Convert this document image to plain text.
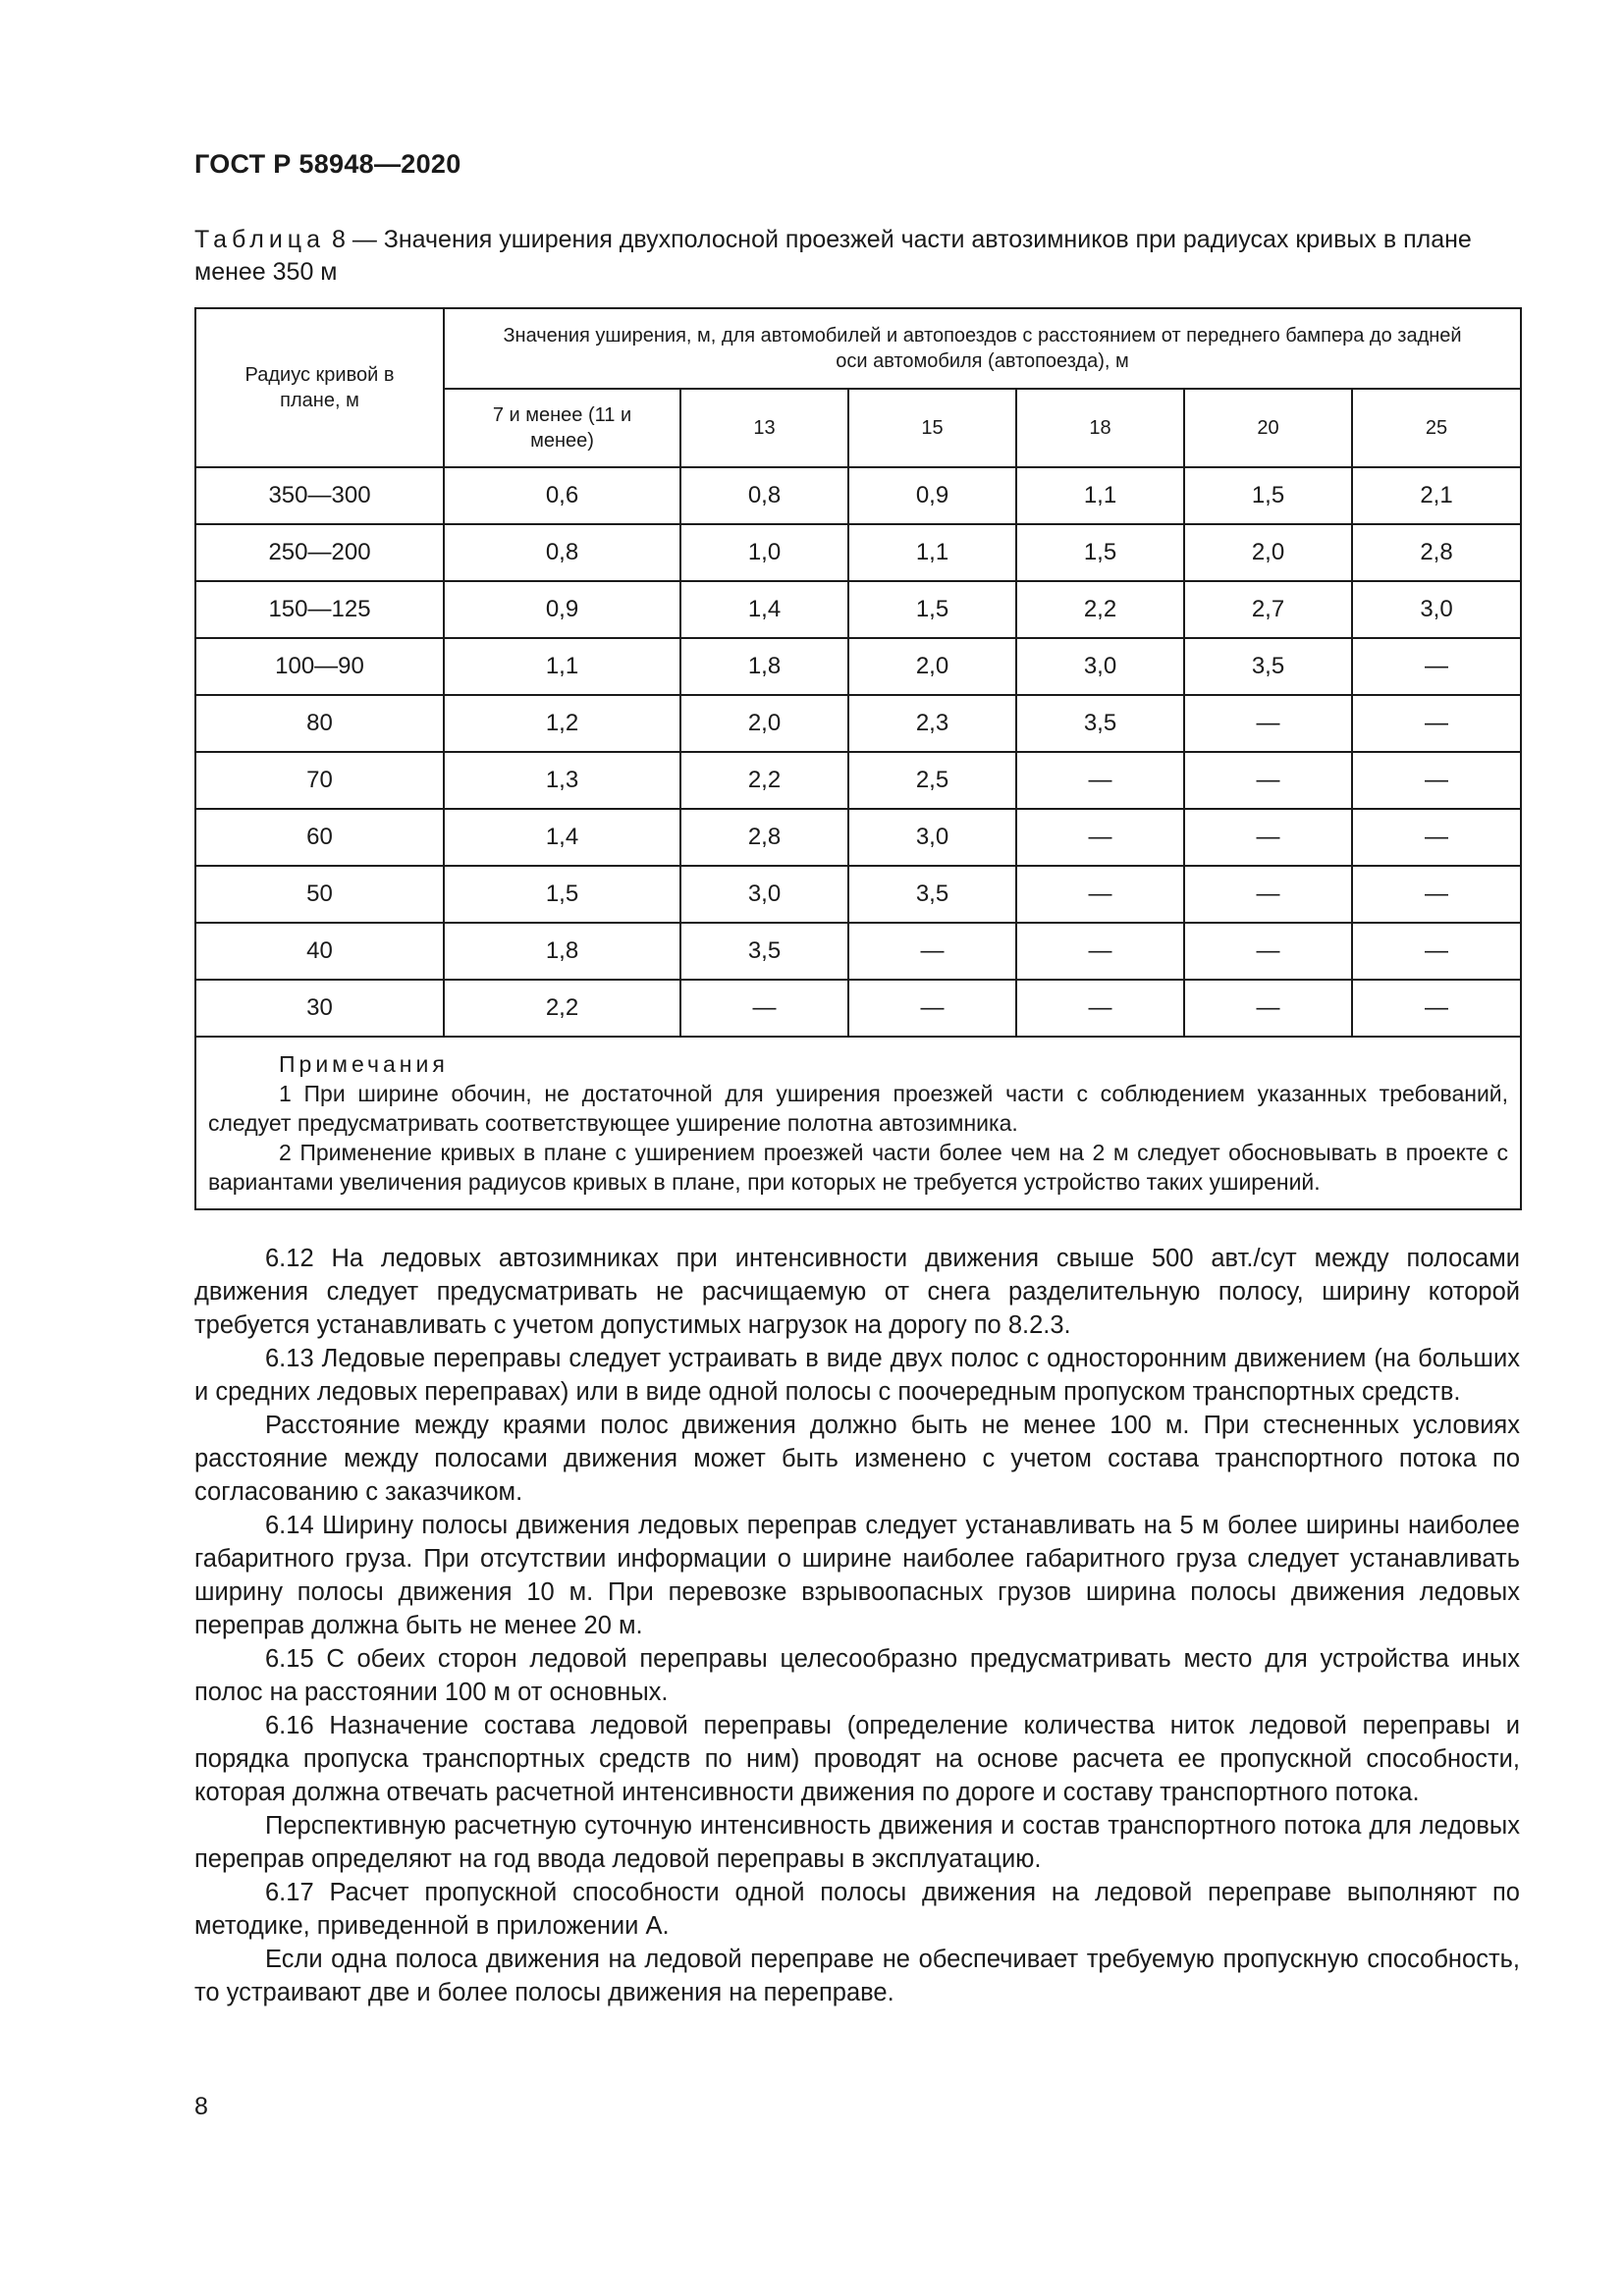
ГОСТ Р 58948—2020
Таблица 8 — Значения уширения двухполосной проезжей части автозимников при радиусах кривых в плане менее 350 м
Радиус кривой в плане, м	Значения уширения, м, для автомобилей и автопоездов с расстоянием от переднего бампера до задней оси автомобиля (автопоезда), м					

	7 и менее (11 и менее)	13	15	18	20	25
350—300	0,6	0,8	0,9	1,1	1,5	2,1
250—200	0,8	1,0	1,1	1,5	2,0	2,8
150—125	0,9	1,4	1,5	2,2	2,7	3,0
100—90	1,1	1,8	2,0	3,0	3,5	—
80	1,2	2,0	2,3	3,5	—	—
70	1,3	2,2	2,5	—	—	—
60	1,4	2,8	3,0	—	—	—
50	1,5	3,0	3,5	—	—	—
40	1,8	3,5	—	—	—	—
30	2,2	—	—	—	—	—

Примечания
1 При ширине обочин, не достаточной для уширения проезжей части с соблюдением указанных требований, следует предусматривать соответствующее уширение полотна автозимника.
2 Применение кривых в плане с уширением проезжей части более чем на 2 м следует обосновывать в проекте с вариантами увеличения радиусов кривых в плане, при которых не требуется устройство таких уширений.						

6.12 На ледовых автозимниках при интенсивности движения свыше 500 авт./сут между полосами движения следует предусматривать не расчищаемую от снега разделительную полосу, ширину которой требуется устанавливать с учетом допустимых нагрузок на дорогу по 8.2.3.

6.13 Ледовые переправы следует устраивать в виде двух полос с односторонним движением (на больших и средних ледовых переправах) или в виде одной полосы с поочередным пропуском транспортных средств.

Расстояние между краями полос движения должно быть не менее 100 м. При стесненных условиях расстояние между полосами движения может быть изменено с учетом состава транспортного потока по согласованию с заказчиком.

6.14 Ширину полосы движения ледовых переправ следует устанавливать на 5 м более ширины наиболее габаритного груза. При отсутствии информации о ширине наиболее габаритного груза следует устанавливать ширину полосы движения 10 м. При перевозке взрывоопасных грузов ширина полосы движения ледовых переправ должна быть не менее 20 м.

6.15 С обеих сторон ледовой переправы целесообразно предусматривать место для устройства иных полос на расстоянии 100 м от основных.

6.16 Назначение состава ледовой переправы (определение количества ниток ледовой переправы и порядка пропуска транспортных средств по ним) проводят на основе расчета ее пропускной способности, которая должна отвечать расчетной интенсивности движения по дороге и составу транспортного потока.

Перспективную расчетную суточную интенсивность движения и состав транспортного потока для ледовых переправ определяют на год ввода ледовой переправы в эксплуатацию.

6.17 Расчет пропускной способности одной полосы движения на ледовой переправе выполняют по методике, приведенной в приложении А.

Если одна полоса движения на ледовой переправе не обеспечивает требуемую пропускную способность, то устраивают две и более полосы движения на переправе.

8
